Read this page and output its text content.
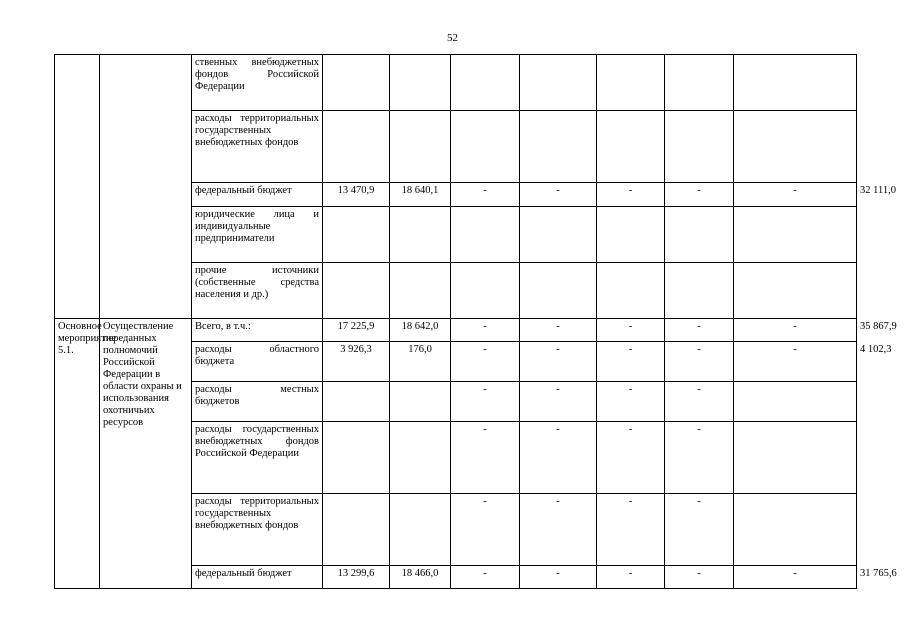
52
		ственных внебюджетных фондов Российской Федерации								
		расходы территориальных государственных внебюджетных фондов								
		федеральный бюджет	13 470,9	18 640,1	-	-	-	-	-	32 111,0
		юридические лица и индивидуальные предприниматели								
		прочие источники (собственные средства населения и др.)								
Основное мероприятие 5.1.	Осуществление переданных полномочий Российской Федерации в области охраны и использования охотничьих ресурсов	Всего, в т.ч.:	17 225,9	18 642,0	-	-	-	-	-	35 867,9
		расходы областного бюджета	3 926,3	176,0	-	-	-	-	-	4 102,3
		расходы местных бюджетов			-	-	-	-		
		расходы государственных внебюджетных фондов Российской Федерации			-	-	-	-		
		расходы территориальных государственных внебюджетных фондов			-	-	-	-		
		федеральный бюджет	13 299,6	18 466,0	-	-	-	-	-	31 765,6
